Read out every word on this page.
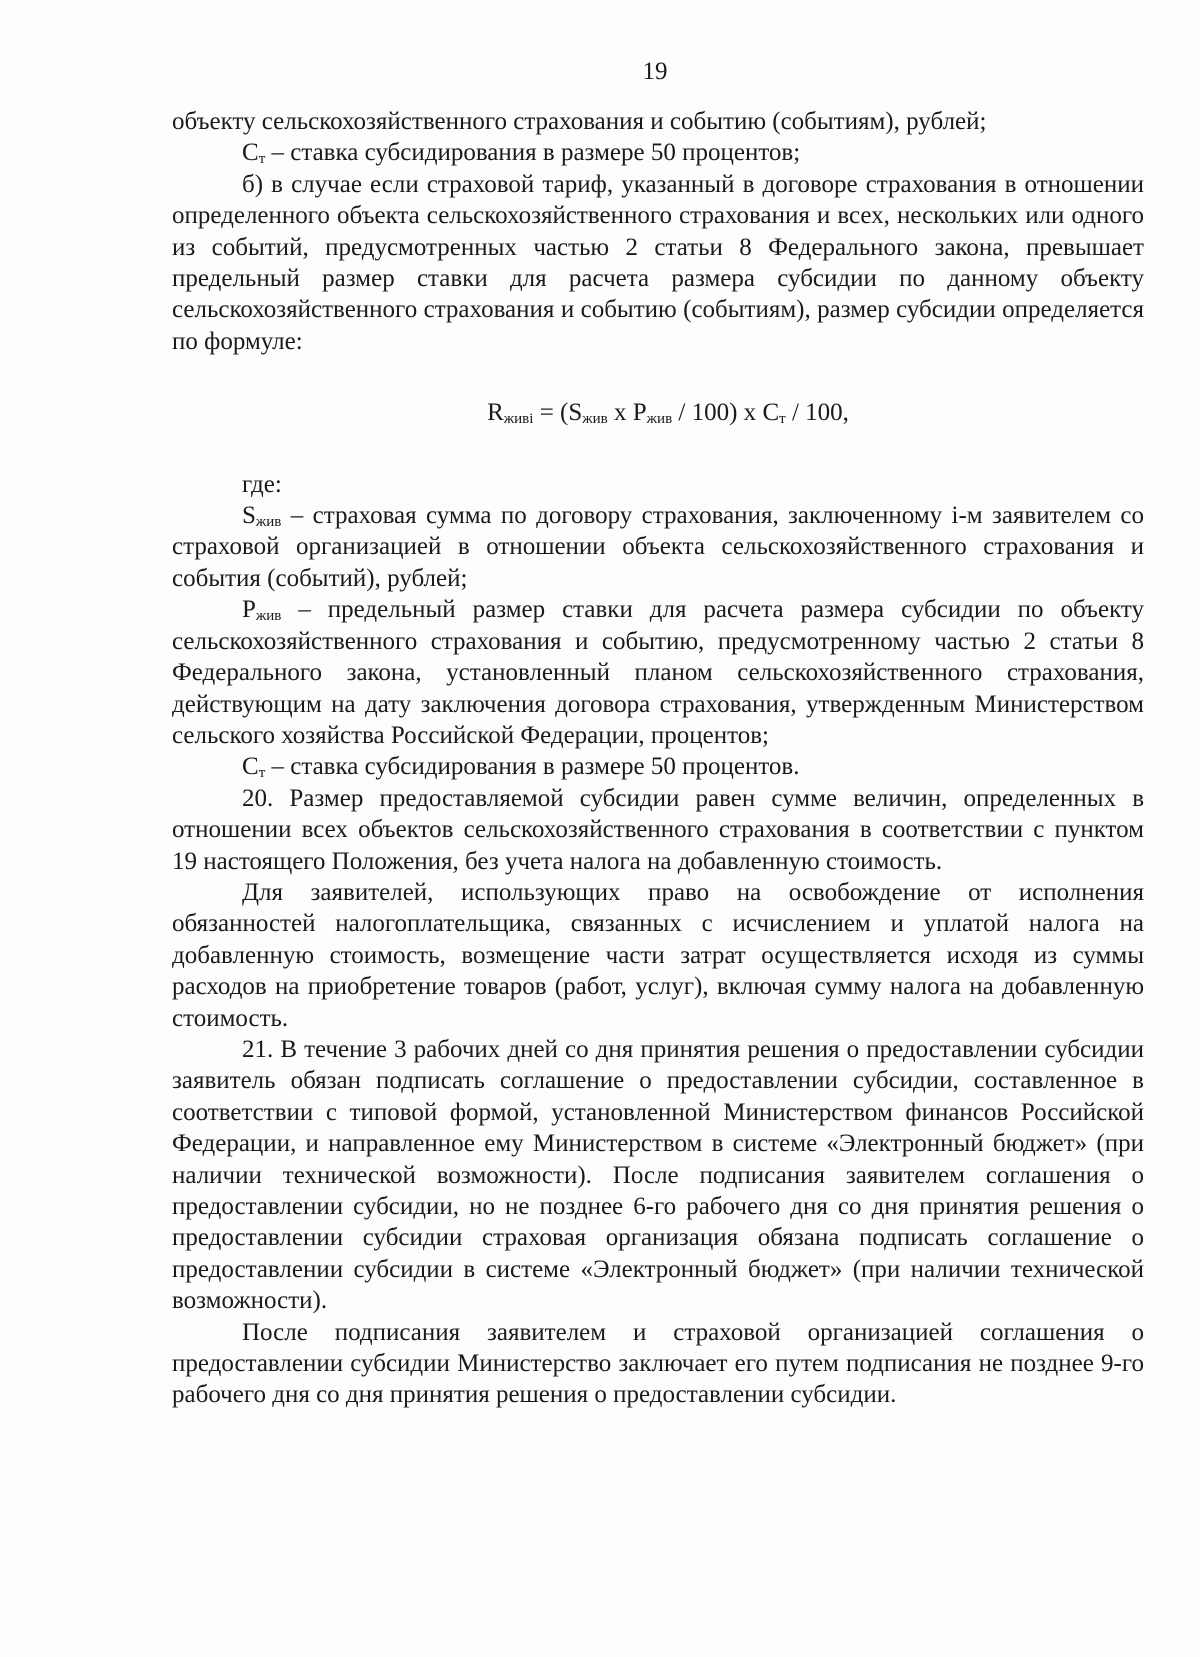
19

объекту сельскохозяйственного страхования и событию (событиям), рублей;

$С_т$ – ставка субсидирования в размере 50 процентов;

б) в случае если страховой тариф, указанный в договоре страхования в отношении определенного объекта сельскохозяйственного страхования и всех, нескольких или одного из событий, предусмотренных частью 2 статьи 8 Федерального закона, превышает предельный размер ставки для расчета размера субсидии по данному объекту сельскохозяйственного страхования и событию (событиям), размер субсидии определяется по формуле:

$R_{живі} = (S_{жив}$ x $P_{жив} / 100$) x $С_т / 100$,

где:

$S_{жив}$ – страховая сумма по договору страхования, заключенному i-м заявителем со страховой организацией в отношении объекта сельскохозяйственного страхования и события (событий), рублей;

$Р_{жив}$ – предельный размер ставки для расчета размера субсидии по объекту сельскохозяйственного страхования и событию, предусмотренному частью 2 статьи 8 Федерального закона, установленный планом сельскохозяйственного страхования, действующим на дату заключения договора страхования, утвержденным Министерством сельского хозяйства Российской Федерации, процентов;

$С_т$ – ставка субсидирования в размере 50 процентов.

20. Размер предоставляемой субсидии равен сумме величин, определенных в отношении всех объектов сельскохозяйственного страхования в соответствии с пунктом 19 настоящего Положения, без учета налога на добавленную стоимость.

Для заявителей, использующих право на освобождение от исполнения обязанностей налогоплательщика, связанных с исчислением и уплатой налога на добавленную стоимость, возмещение части затрат осуществляется исходя из суммы расходов на приобретение товаров (работ, услуг), включая сумму налога на добавленную стоимость.

21. В течение 3 рабочих дней со дня принятия решения о предоставлении субсидии заявитель обязан подписать соглашение о предоставлении субсидии, составленное в соответствии с типовой формой, установленной Министерством финансов Российской Федерации, и направленное ему Министерством в системе «Электронный бюджет» (при наличии технической возможности). После подписания заявителем соглашения о предоставлении субсидии, но не позднее 6-го рабочего дня со дня принятия решения о предоставлении субсидии страховая организация обязана подписать соглашение о предоставлении субсидии в системе «Электронный бюджет» (при наличии технической возможности).

После подписания заявителем и страховой организацией соглашения о предоставлении субсидии Министерство заключает его путем подписания не позднее 9-го рабочего дня со дня принятия решения о предоставлении субсидии.
